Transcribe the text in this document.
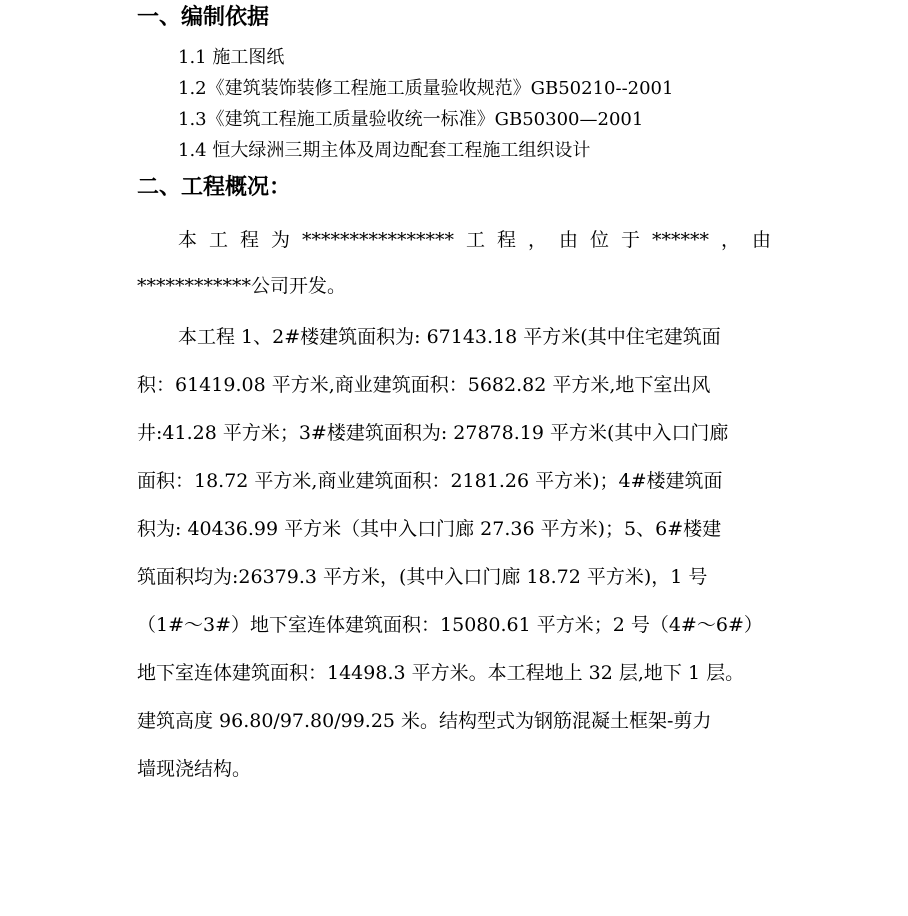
一、编制依据
1.1 施工图纸
1.2《建筑装饰装修工程施工质量验收规范》GB50210--2001
1.3《建筑工程施工质量验收统一标准》GB50300—2001
1.4 恒大绿洲三期主体及周边配套工程施工组织设计
二、工程概况：
本 工 程 为 **************** 工 程 ， 由 位 于 ****** ， 由
************公司开发。
本工程 1、2#楼建筑面积为: 67143.18 平方米(其中住宅建筑面
积：61419.08 平方米,商业建筑面积：5682.82 平方米,地下室出风
井:41.28 平方米；3#楼建筑面积为: 27878.19 平方米(其中入口门廊
面积：18.72 平方米,商业建筑面积：2181.26 平方米)；4#楼建筑面
积为: 40436.99 平方米（其中入口门廊 27.36 平方米)；5、6#楼建
筑面积均为:26379.3 平方米，(其中入口门廊 18.72 平方米)，1 号
（1#～3#）地下室连体建筑面积：15080.61 平方米；2 号（4#～6#）
地下室连体建筑面积：14498.3 平方米。本工程地上 32 层,地下 1 层。
建筑高度 96.80/97.80/99.25 米。结构型式为钢筋混凝土框架-剪力
墙现浇结构。
